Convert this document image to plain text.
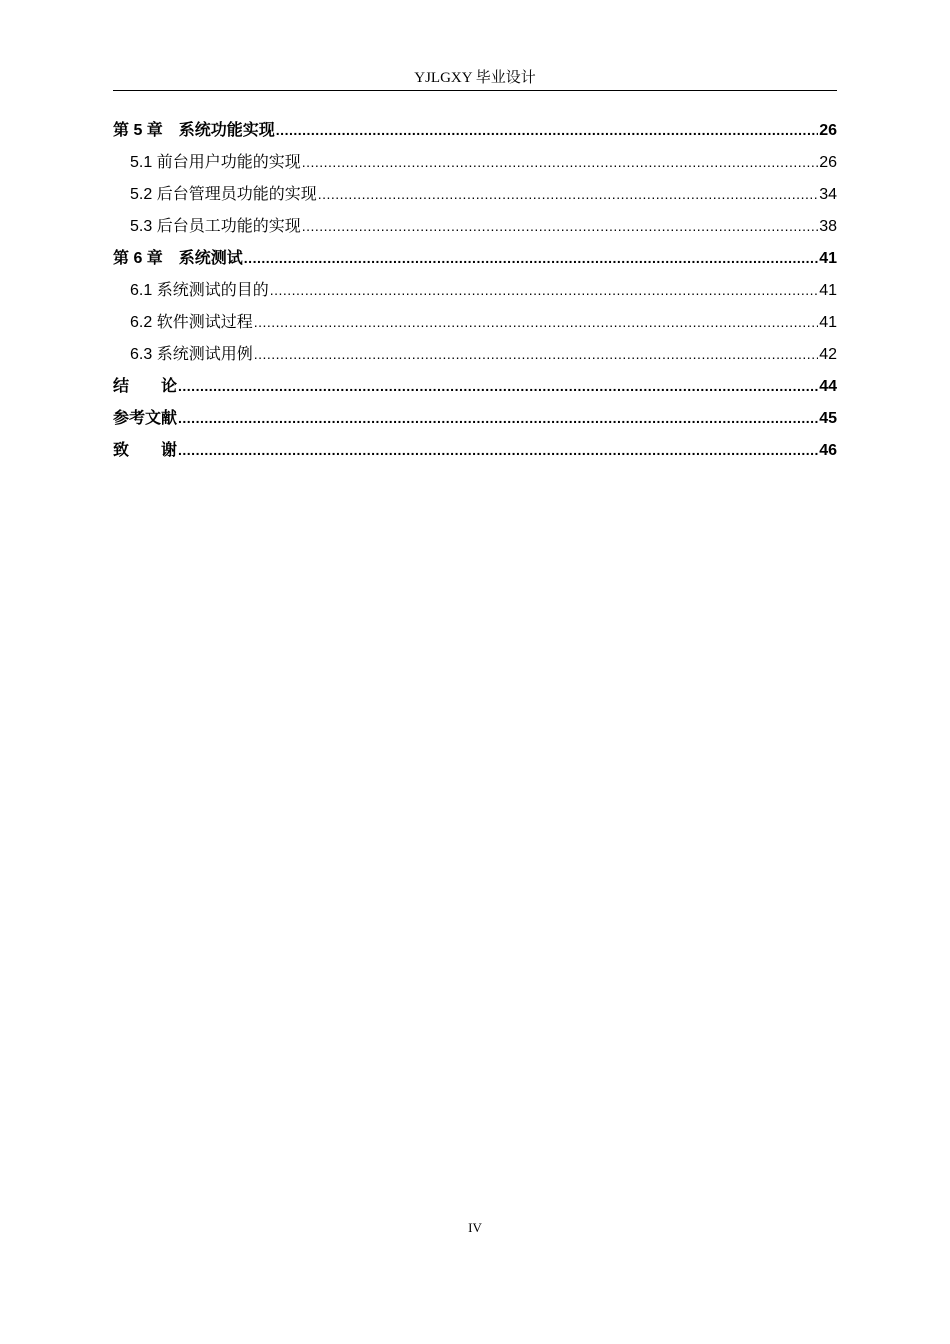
YJLGXY 毕业设计
第 5 章　系统功能实现 .....	26
5.1 前台用户功能的实现 .....	26
5.2 后台管理员功能的实现 .....	34
5.3 后台员工功能的实现 .....	38
第 6 章　系统测试 .....	41
6.1 系统测试的目的 .....	41
6.2 软件测试过程 .....	41
6.3 系统测试用例 .....	42
结　　论 .....	44
参考文献 .....	45
致　　谢 .....	46
IV
